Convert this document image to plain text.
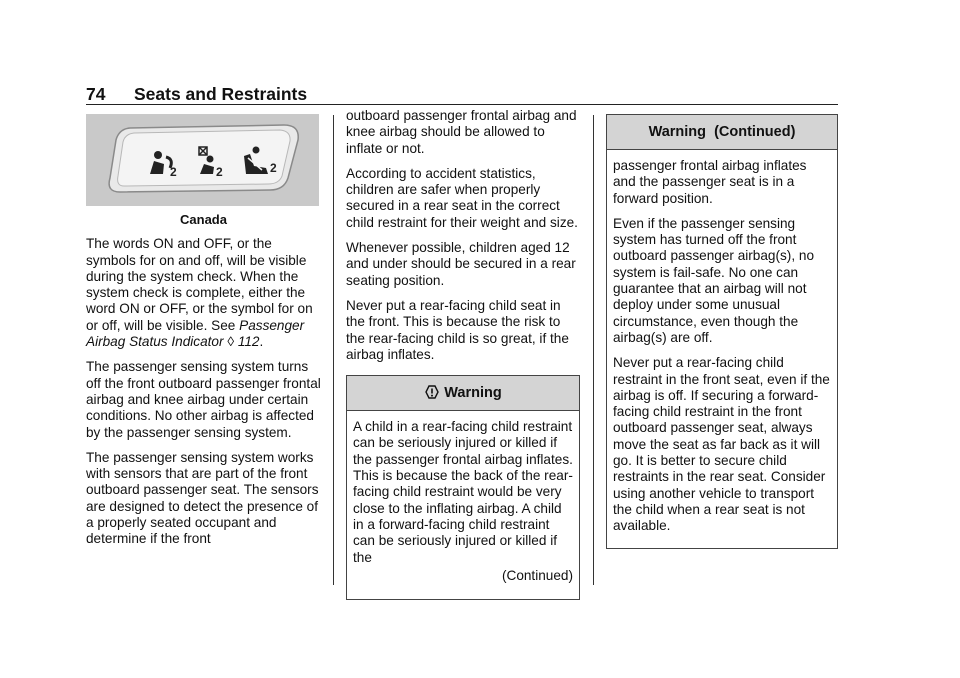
74 Seats and Restraints
2	2	2
Canada

The words ON and OFF, or the symbols for on and off, will be visible during the system check. When the system check is complete, either the word ON or OFF, or the symbol for on or off, will be visible. See Passenger Airbag Status Indicator ◊ 112.

The passenger sensing system turns off the front outboard passenger frontal airbag and knee airbag under certain conditions. No other airbag is affected by the passenger sensing system.

The passenger sensing system works with sensors that are part of the front outboard passenger seat. The sensors are designed to detect the presence of a properly seated occupant and determine if the front

outboard passenger frontal airbag and knee airbag should be allowed to inflate or not.

According to accident statistics, children are safer when properly secured in a rear seat in the correct child restraint for their weight and size.

Whenever possible, children aged 12 and under should be secured in a rear seating position.

Never put a rear-facing child seat in the front. This is because the risk to the rear-facing child is so great, if the airbag inflates.

Warning

A child in a rear-facing child restraint can be seriously injured or killed if the passenger frontal airbag inflates. This is because the back of the rear-facing child restraint would be very close to the inflating airbag. A child in a forward-facing child restraint can be seriously injured or killed if the

(Continued)

Warning  (Continued)

passenger frontal airbag inflates and the passenger seat is in a forward position.

Even if the passenger sensing system has turned off the front outboard passenger airbag(s), no system is fail-safe. No one can guarantee that an airbag will not deploy under some unusual circumstance, even though the airbag(s) are off.

Never put a rear-facing child restraint in the front seat, even if the airbag is off. If securing a forward-facing child restraint in the front outboard passenger seat, always move the seat as far back as it will go. It is better to secure child restraints in the rear seat. Consider using another vehicle to transport the child when a rear seat is not available.
